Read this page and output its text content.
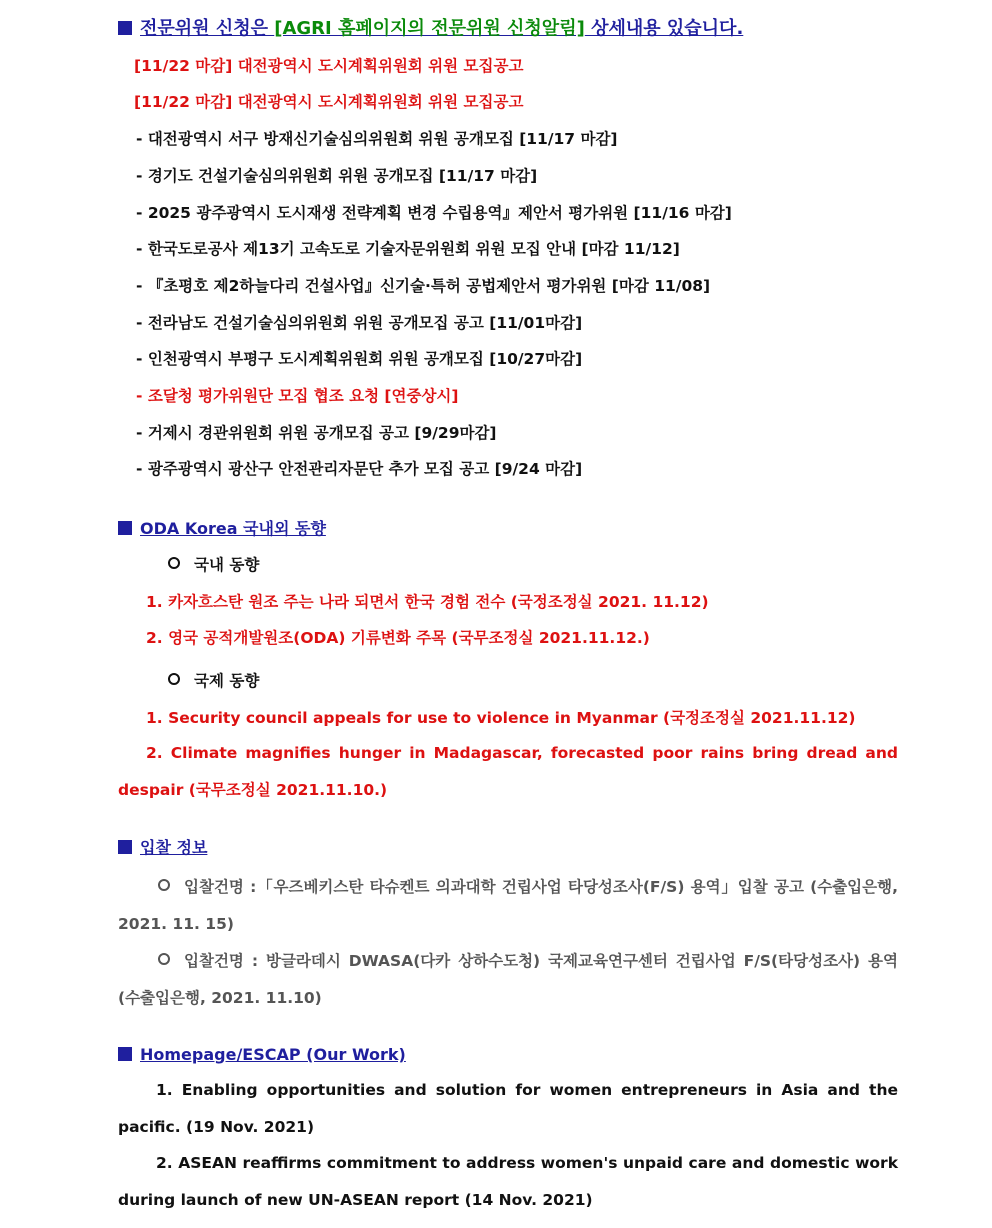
전문위원 신청은 [AGRI 홈페이지의 전문위원 신청알림] 상세내용 있습니다.
[11/22 마감] 대전광역시 도시계획위원회 위원 모집공고
[11/22 마감] 대전광역시 도시계획위원회 위원 모집공고
- 대전광역시 서구 방재신기술심의위원회 위원 공개모집 [11/17 마감]
- 경기도 건설기술심의위원회 위원 공개모집 [11/17 마감]
- 2025 광주광역시 도시재생 전략계획 변경 수립용역』제안서 평가위원 [11/16 마감]
- 한국도로공사 제13기 고속도로 기술자문위원회 위원 모집 안내 [마감 11/12]
- 『초평호 제2하늘다리 건설사업』신기술·특허 공법제안서 평가위원 [마감 11/08]
- 전라남도 건설기술심의위원회 위원 공개모집 공고 [11/01마감]
- 인천광역시 부평구 도시계획위원회 위원 공개모집 [10/27마감]
- 조달청 평가위원단 모집 협조 요청 [연중상시]
- 거제시 경관위원회 위원 공개모집 공고 [9/29마감]
- 광주광역시 광산구 안전관리자문단 추가 모집 공고 [9/24 마감]
ODA Korea 국내외 동향
국내 동향
1. 카자흐스탄 원조 주는 나라 되면서 한국 경험 전수 (국정조정실 2021. 11.12)
2. 영국 공적개발원조(ODA) 기류변화 주목 (국무조정실 2021.11.12.)
국제 동향
1. Security council appeals for use to violence in Myanmar (국정조정실 2021.11.12)
2. Climate magnifies hunger in Madagascar, forecasted poor rains bring dread and despair (국무조정실 2021.11.10.)
입찰 정보
입찰건명 :「우즈베키스탄 타슈켄트 의과대학 건립사업 타당성조사(F/S) 용역」입찰 공고 (수출입은행, 2021. 11. 15)
입찰건명 : 방글라데시 DWASA(다카 상하수도청) 국제교육연구센터 건립사업 F/S(타당성조사) 용역 (수출입은행, 2021. 11.10)
Homepage/ESCAP (Our Work)
1. Enabling opportunities and solution for women entrepreneurs in Asia and the pacific. (19 Nov. 2021)
2. ASEAN reaffirms commitment to address women's unpaid care and domestic work during launch of new UN-ASEAN report (14 Nov. 2021)
